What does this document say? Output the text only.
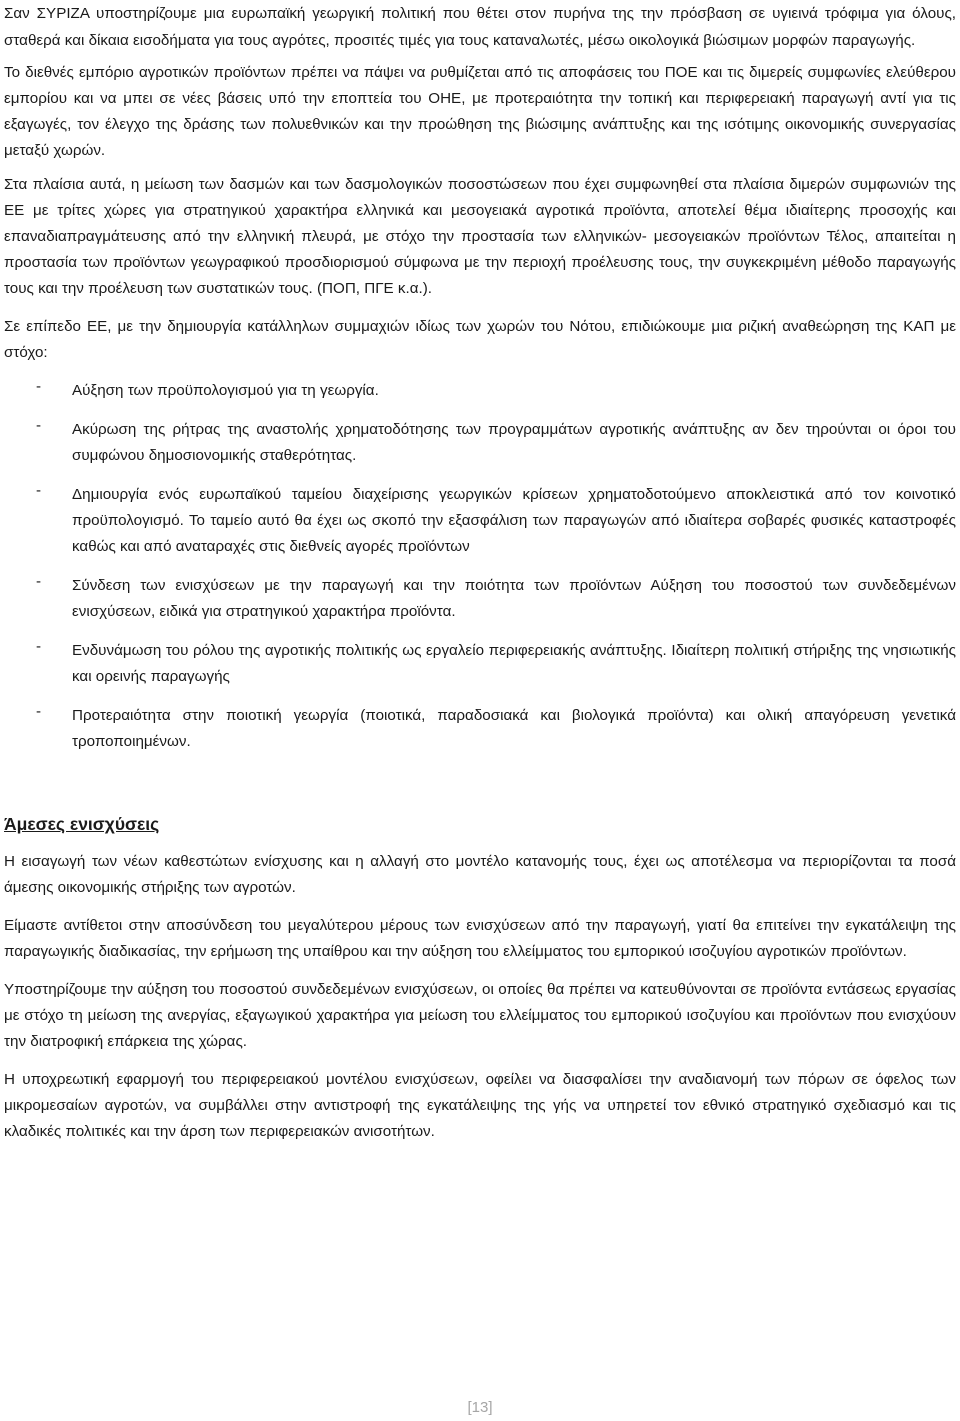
Σαν ΣΥΡΙΖΑ υποστηρίζουμε μια ευρωπαϊκή γεωργική πολιτική που θέτει στον πυρήνα της την πρόσβαση σε υγιεινά τρόφιμα για όλους, σταθερά και δίκαια εισοδήματα για τους αγρότες, προσιτές τιμές για τους καταναλωτές, μέσω οικολογικά βιώσιμων μορφών παραγωγής.

Το διεθνές εμπόριο αγροτικών προϊόντων πρέπει να πάψει να ρυθμίζεται από τις αποφάσεις του ΠΟΕ και τις διμερείς συμφωνίες ελεύθερου εμπορίου και να μπει σε νέες βάσεις υπό την εποπτεία του ΟΗΕ, με προτεραιότητα την τοπική και περιφερειακή παραγωγή αντί για τις εξαγωγές, τον έλεγχο της δράσης των πολυεθνικών και την προώθηση της βιώσιμης ανάπτυξης και της ισότιμης οικονομικής συνεργασίας μεταξύ χωρών.

Στα πλαίσια αυτά, η μείωση των δασμών και των δασμολογικών ποσοστώσεων που έχει συμφωνηθεί στα πλαίσια διμερών συμφωνιών της ΕΕ με τρίτες χώρες για στρατηγικού χαρακτήρα ελληνικά και μεσογειακά αγροτικά προϊόντα, αποτελεί θέμα ιδιαίτερης προσοχής και επαναδιαπραγμάτευσης από την ελληνική πλευρά, με στόχο την προστασία των ελληνικών- μεσογειακών προϊόντων Τέλος, απαιτείται η προστασία των προϊόντων γεωγραφικού προσδιορισμού σύμφωνα με την περιοχή προέλευσης τους, την συγκεκριμένη μέθοδο παραγωγής τους και την προέλευση των συστατικών τους. (ΠΟΠ, ΠΓΕ κ.α.).

Σε επίπεδο ΕΕ, με την δημιουργία κατάλληλων συμμαχιών ιδίως των χωρών του Νότου, επιδιώκουμε μια ριζική αναθεώρηση της ΚΑΠ με στόχο:

- Αύξηση των προϋπολογισμού για τη γεωργία.
- Ακύρωση της ρήτρας της αναστολής χρηματοδότησης των προγραμμάτων αγροτικής ανάπτυξης αν δεν τηρούνται οι όροι του συμφώνου δημοσιονομικής σταθερότητας.
- Δημιουργία ενός ευρωπαϊκού ταμείου διαχείρισης γεωργικών κρίσεων χρηματοδοτούμενο αποκλειστικά από τον κοινοτικό προϋπολογισμό. Το ταμείο αυτό θα έχει ως σκοπό την εξασφάλιση των παραγωγών από ιδιαίτερα σοβαρές φυσικές καταστροφές καθώς και από αναταραχές στις διεθνείς αγορές προϊόντων
- Σύνδεση των ενισχύσεων με την παραγωγή και την ποιότητα των προϊόντων Αύξηση του ποσοστού των συνδεδεμένων ενισχύσεων, ειδικά για στρατηγικού χαρακτήρα προϊόντα.
- Ενδυνάμωση του ρόλου της αγροτικής πολιτικής ως εργαλείο περιφερειακής ανάπτυξης. Ιδιαίτερη πολιτική στήριξης της νησιωτικής και ορεινής παραγωγής
- Προτεραιότητα στην ποιοτική γεωργία (ποιοτικά, παραδοσιακά και βιολογικά προϊόντα) και ολική απαγόρευση γενετικά τροποποιημένων.
Άμεσες ενισχύσεις

Η εισαγωγή των νέων καθεστώτων ενίσχυσης και η αλλαγή στο μοντέλο κατανομής τους, έχει ως αποτέλεσμα να περιορίζονται τα ποσά άμεσης οικονομικής στήριξης των αγροτών.

Είμαστε αντίθετοι στην αποσύνδεση του μεγαλύτερου μέρους των ενισχύσεων από την παραγωγή, γιατί θα επιτείνει την εγκατάλειψη της παραγωγικής διαδικασίας, την ερήμωση της υπαίθρου και την αύξηση του ελλείμματος του εμπορικού ισοζυγίου αγροτικών προϊόντων.

Υποστηρίζουμε την αύξηση του ποσοστού συνδεδεμένων ενισχύσεων, οι οποίες θα πρέπει να κατευθύνονται σε προϊόντα εντάσεως εργασίας με στόχο τη μείωση της ανεργίας, εξαγωγικού χαρακτήρα για μείωση του ελλείμματος του εμπορικού ισοζυγίου και προϊόντων που ενισχύουν την διατροφική επάρκεια της χώρας.

Η υποχρεωτική εφαρμογή του περιφερειακού μοντέλου ενισχύσεων, οφείλει να διασφαλίσει την αναδιανομή των πόρων σε όφελος των μικρομεσαίων αγροτών, να συμβάλλει στην αντιστροφή της εγκατάλειψης της γής να υπηρετεί τον εθνικό στρατηγικό σχεδιασμό και τις κλαδικές πολιτικές και την άρση των περιφερειακών ανισοτήτων.

[13]
